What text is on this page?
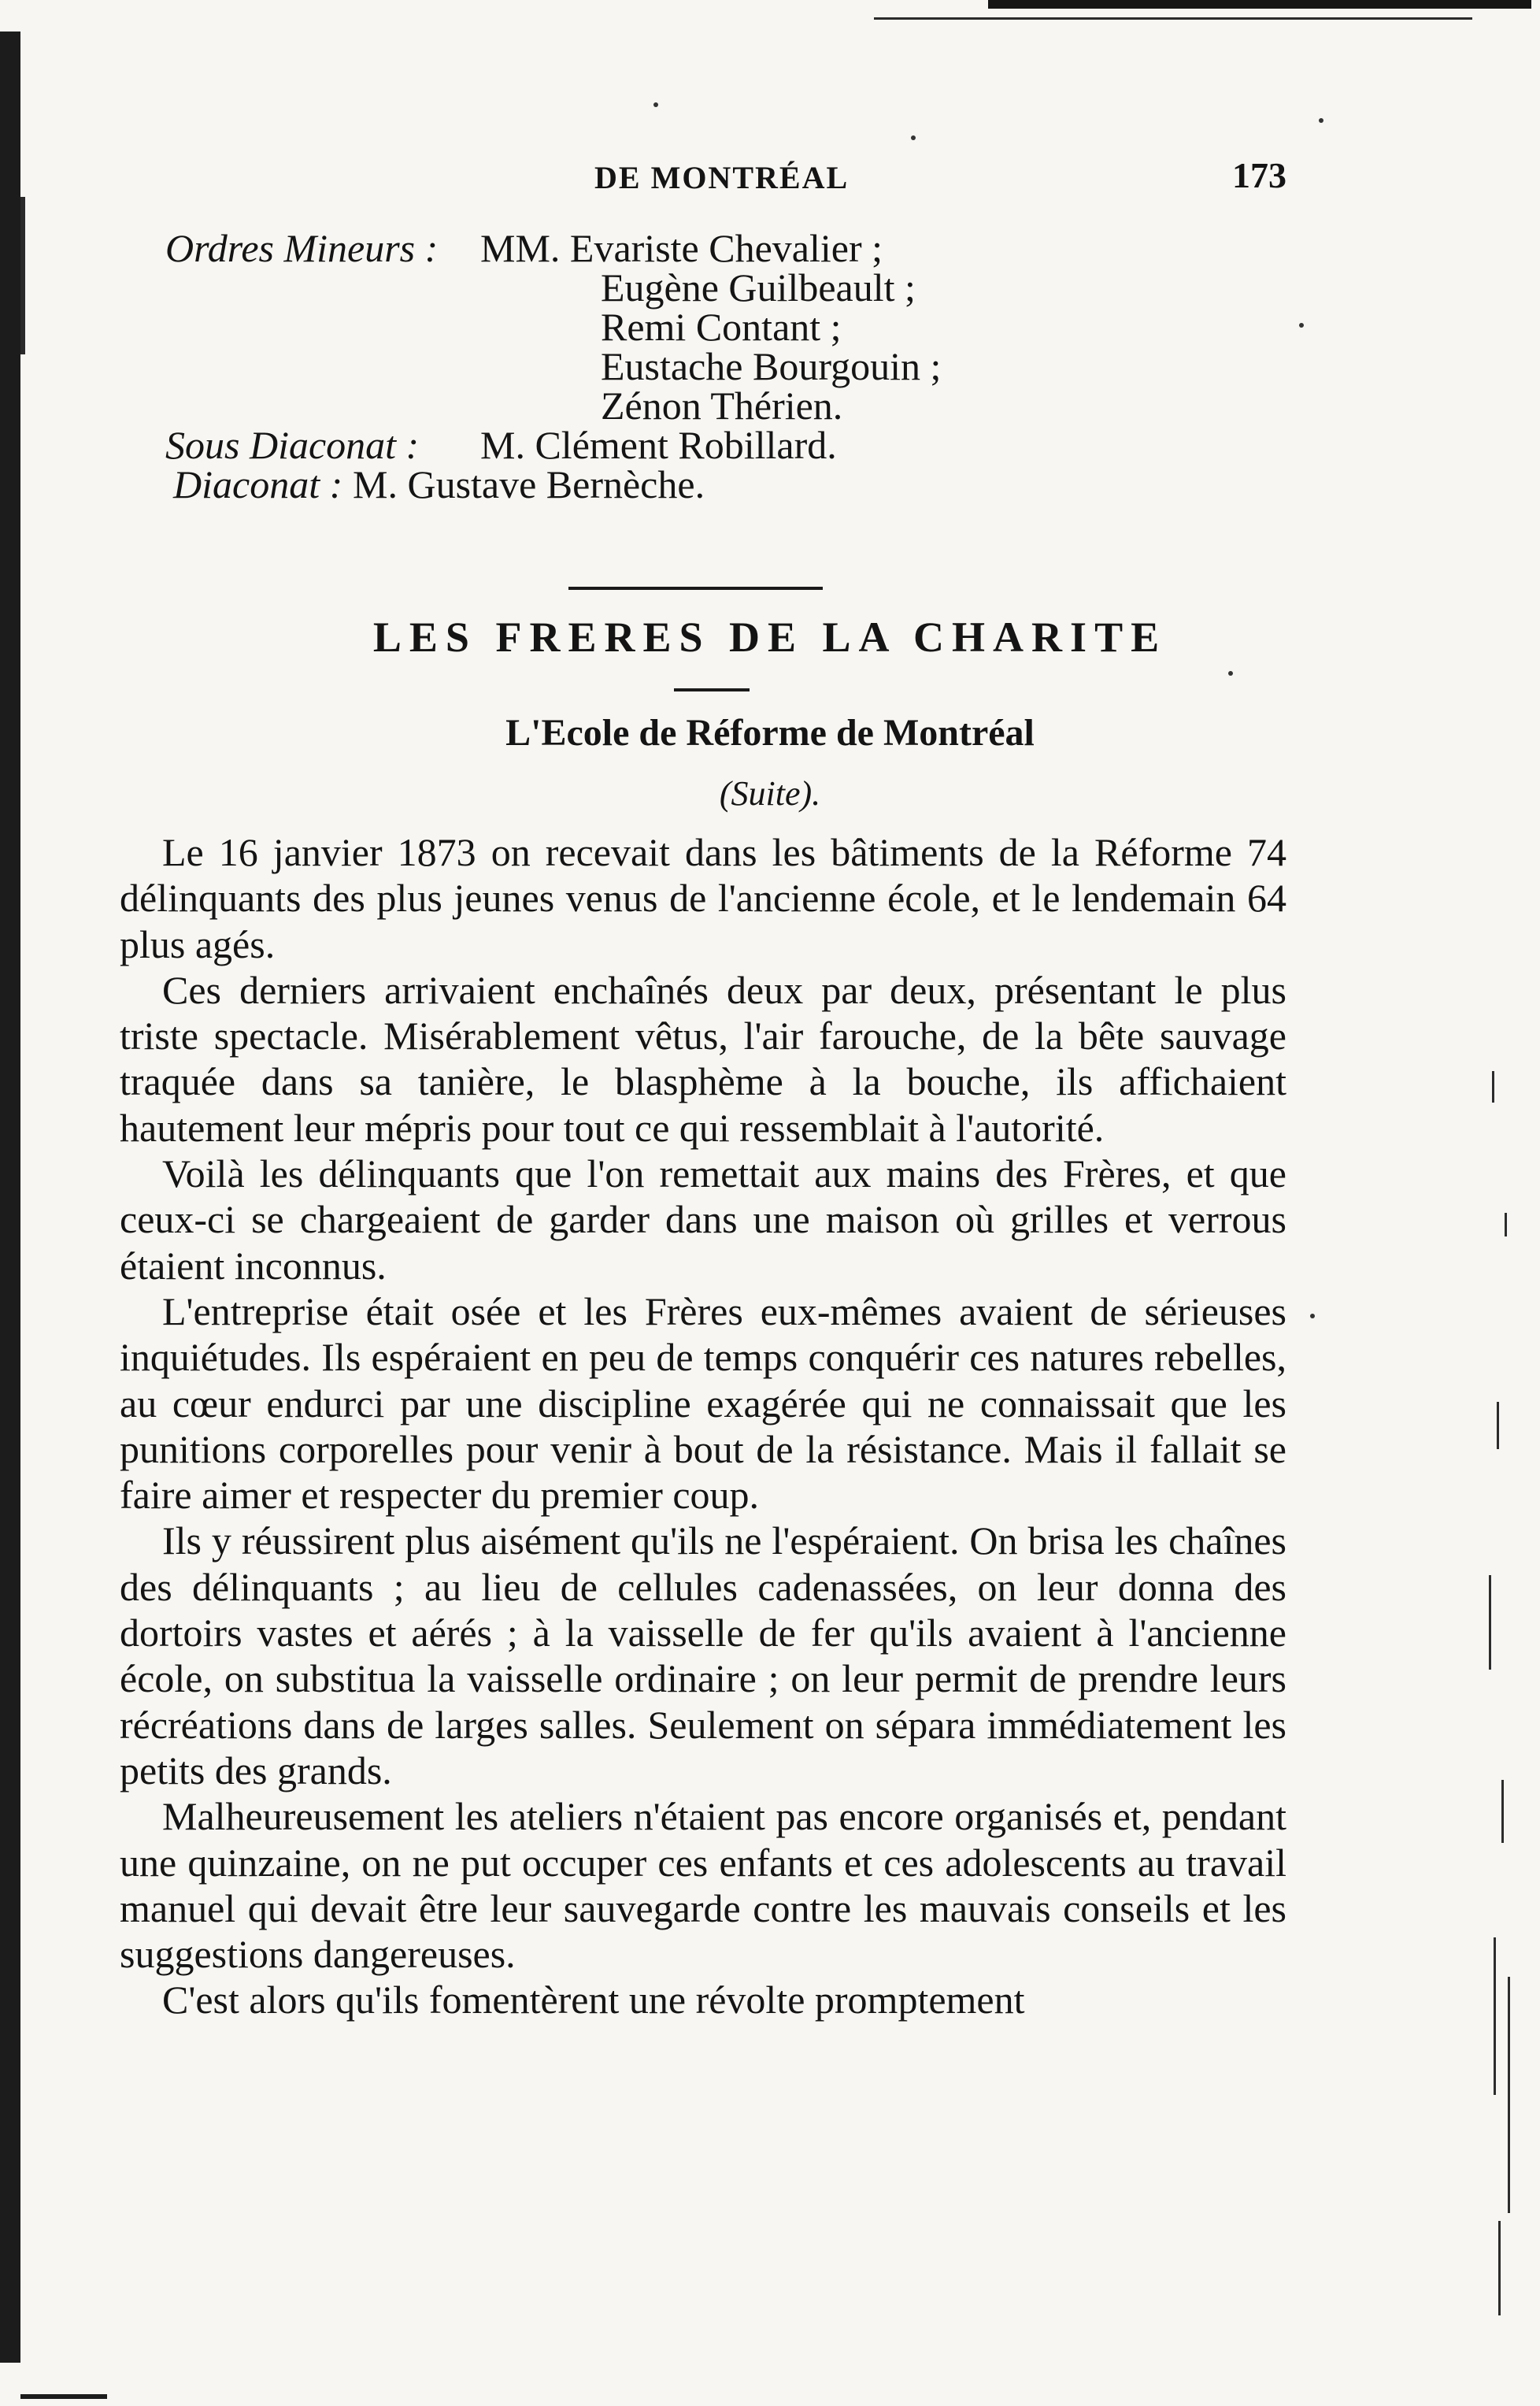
DE MONTRÉAL	173
Ordres Mineurs : MM. Evariste Chevalier ;
Eugène Guilbeault ;
Remi Contant ;
Eustache Bourgouin ;
Zénon Thérien.
Sous Diaconat : M. Clément Robillard.
Diaconat : M. Gustave Bernèche.
LES FRERES DE LA CHARITE
L'Ecole de Réforme de Montréal
(Suite).

Le 16 janvier 1873 on recevait dans les bâtiments de la Réforme 74 délinquants des plus jeunes venus de l'ancienne école, et le lendemain 64 plus agés.

Ces derniers arrivaient enchaînés deux par deux, présentant le plus triste spectacle. Misérablement vêtus, l'air farouche, de la bête sauvage traquée dans sa tanière, le blasphème à la bouche, ils affichaient hautement leur mépris pour tout ce qui ressemblait à l'autorité.

Voilà les délinquants que l'on remettait aux mains des Frères, et que ceux-ci se chargeaient de garder dans une maison où grilles et verrous étaient inconnus.

L'entreprise était osée et les Frères eux-mêmes avaient de sérieuses inquiétudes. Ils espéraient en peu de temps conquérir ces natures rebelles, au cœur endurci par une discipline exagérée qui ne connaissait que les punitions corporelles pour venir à bout de la résistance. Mais il fallait se faire aimer et respecter du premier coup.

Ils y réussirent plus aisément qu'ils ne l'espéraient. On brisa les chaînes des délinquants ; au lieu de cellules cadenassées, on leur donna des dortoirs vastes et aérés ; à la vaisselle de fer qu'ils avaient à l'ancienne école, on substitua la vaisselle ordinaire ; on leur permit de prendre leurs récréations dans de larges salles. Seulement on sépara immédiatement les petits des grands.

Malheureusement les ateliers n'étaient pas encore organisés et, pendant une quinzaine, on ne put occuper ces enfants et ces adolescents au travail manuel qui devait être leur sauvegarde contre les mauvais conseils et les suggestions dangereuses.

C'est alors qu'ils fomentèrent une révolte promptement
